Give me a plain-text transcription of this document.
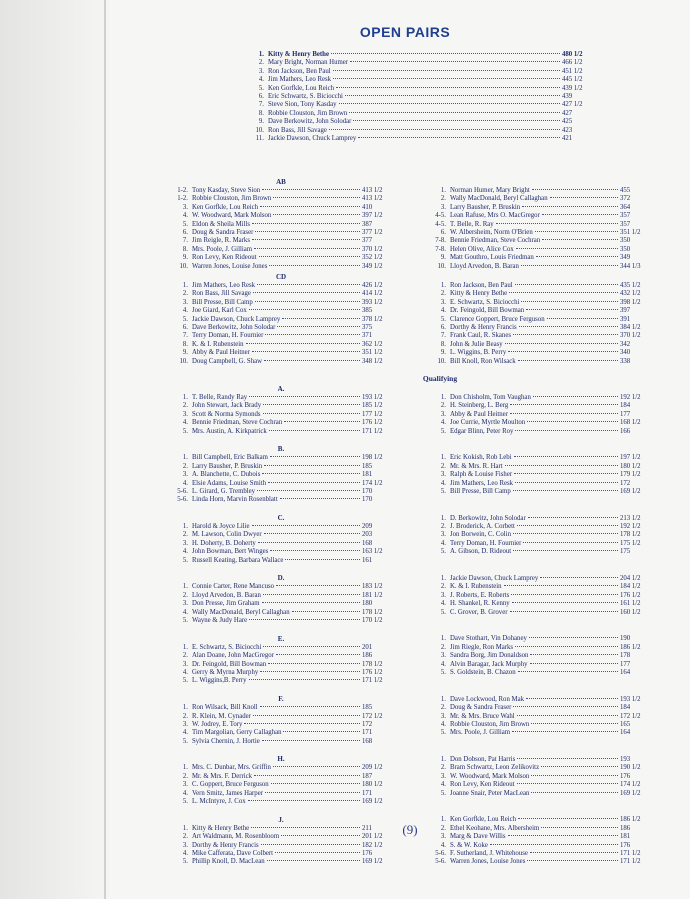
OPEN PAIRS
1. Kitty & Henry Bethe	480 1/2
2. Mary Bright, Norman Humer	466 1/2
3. Ron Jackson, Ben Paul	451 1/2
4. Jim Mathers, Leo Resk	445 1/2
5. Ken Gorfkle, Lou Reich	439 1/2
6. Eric Schwartz, S. Biciocchi	439
7. Steve Sion, Tony Kasday	427 1/2
8. Robbie Clouston, Jim Brown	427
9. Dave Berkowitz, John Solodar	425
10. Ron Bass, Jill Savage	423
11. Jackie Dawson, Chuck Lamprey	421
AB
1-2. Tony Kasday, Steve Sion	413 1/2
1-2. Robbie Clouston, Jim Brown	413 1/2
3. Ken Gorfkle, Lou Reich	410
4. W. Woodward, Mark Molson	397 1/2
5. Eldon & Sheila Mills	387
6. Doug & Sandra Fraser	377 1/2
7. Jim Reigle, R. Marks	377
8. Mrs. Poole, J. Gilliam	370 1/2
9. Ron Levy, Ken Rideout	352 1/2
10. Warren Jones, Louise Jones	349 1/2
1. Norman Humer, Mary Bright	455
2. Wally MacDonald, Beryl Callaghan	372
3. Larry Bausher, P. Bruskin	364
4-5. Lean Rafuse, Mrs O. MacGregor	357
4-5. T. Belle, R. Ray	357
6. W. Albersheim, Norm O'Brien	351 1/2
7-8. Bennie Friedman, Steve Cochran	350
7-8. Helen Olive, Alice Cox	350
9. Matt Gouthro, Louis Friedman	349
10. Lloyd Arvedon, B. Baran	344 1/3
CD
1. Jim Mathers, Leo Resk	426 1/2
2. Ron Bass, Jill Savage	414 1/2
3. Bill Presse, Bill Camp	393 1/2
4. Joe Giard, Karl Cox	385
5. Jackie Dawson, Chuck Lamprey	378 1/2
6. Dave Berkowitz, John Solodar	375
7. Terry Doman, H. Fournier	371
8. K. & I. Rubenstein	362 1/2
9. Abby & Paul Heitner	351 1/2
10. Doug Campbell, G. Shaw	348 1/2
1. Ron Jackson, Ben Paul	435 1/2
2. Kitty & Henry Bethe	432 1/2
3. E. Schwartz, S. Biciocchi	398 1/2
4. Dr. Feingold, Bill Bowman	397
5. Clarence Goppert, Bruce Ferguson	391
6. Dorthy & Henry Francis	384 1/2
7. Frank Caul, R. Skanes	370 1/2
8. John & Julie Beasy	342
9. L. Wiggins, B. Perry	340
10. Bill Knoll, Ron Wilsack	338
Qualifying
A.
1. T. Belle, Randy Ray	193 1/2
2. John Stewart, Jack Brady	185 1/2
3. Scott & Norma Symonds	177 1/2
4. Bennie Friedman, Steve Cochran	176 1/2
5. Mrs. Austin, A. Kirkpatrick	171 1/2
B.
1. Bill Campbell, Eric Balkam	198 1/2
2. Larry Bausher, P. Bruskin	185
3. A. Blanchette, C. Dubois	181
4. Elsie Adams, Louise Smith	174 1/2
5-6. L. Girard, G. Trembley	170
5-6. Linda Horn, Marvin Rosenblatt	170
C.
1. Harold & Joyce Lilie	209
2. M. Lawson, Colin Dwyer	203
3. H. Doherty, B. Doherty	168
4. John Bowman, Bert Winges	163 1/2
5. Russell Keating, Barbara Wallace	161
D.
1. Connie Carter, Rene Mancuso	183 1/2
2. Lloyd Arvedon, B. Baran	181 1/2
3. Don Presse, Jim Graham	180
4. Wally MacDonald, Beryl Callaghan	178 1/2
5. Wayne & Judy Hare	170 1/2
E.
1. E. Schwartz, S. Biciocchi	201
2. Alan Doane, John MacGregor	186
3. Dr. Feingold, Bill Bowman	178 1/2
4. Gerry & Myrna Murphy	176 1/2
5. L. Wiggins,B. Perry	171 1/2
F.
1. Ron Wilsack, Bill Knoll	185
2. R. Klein, M. Cynader	172 1/2
3. W. Jodrey, E. Tory	172
4. Tim Margolian, Gerry Callaghan	171
5. Sylvia Chernin, J. Hortie	168
H.
1. Mrs. C. Dunbar, Mrs. Griffin	209 1/2
2. Mr. & Mrs. F. Derrick	187
3. C. Goppert, Bruce Ferguson	180 1/2
4. Vern Smitz, James Harper	171
5. L. McIntyre, J. Cox	169 1/2
J.
1. Kitty & Henry Bethe	211
2. Art Waldmann, M. Rosenbloom	201 1/2
3. Dorthy & Henry Francis	182 1/2
4. Mike Cafferata, Dave Colbert	176
5. Phillip Knoll, D. MacLean	169 1/2
1. Don Chisholm, Tom Vaughan	192 1/2
2. H. Steinberg, L. Berg	184
3. Abby & Paul Heitner	177
4. Joe Currie, Myrtle Moulton	168 1/2
5. Edgar Blinn, Peter Roy	166
1. Eric Kokish, Rob Lebi	197 1/2
2. Mr. & Mrs. R. Hart	180 1/2
3. Ralph & Louise Fisher	179 1/2
4. Jim Mathers, Leo Resk	172
5. Bill Presse, Bill Camp	169 1/2
1. D. Berkowitz, John Solodar	213 1/2
2. J. Broderick, A. Corbett	192 1/2
3. Jon Borwein, C. Colin	178 1/2
4. Terry Doman, H. Fournier	175 1/2
5. A. Gibson, D. Rideout	175
1. Jackie Dawson, Chuck Lamprey	204 1/2
2. K. & I. Rubenstein	184 1/2
3. J. Roberts, E. Roberts	176 1/2
4. H. Shankel, R. Kenny	161 1/2
5. C. Grover, B. Grover	160 1/2
1. Dave Stothart, Vin Dohaney	190
2. Jim Riegle, Ron Marks	186 1/2
3. Sandra Borg, Jim Donaldson	178
4. Alvin Baragar, Jack Murphy	177
5. S. Goldstein, B. Chazon	164
1. Dave Lockwood, Ron Mak	193 1/2
2. Doug & Sandra Fraser	184
3. Mr. & Mrs. Bruce Wahl	172 1/2
4. Robbie Clouston, Jim Brown	165
5. Mrs. Poole, J. Gilliam	164
1. Don Dobson, Pat Harris	193
2. Bram Schwartz, Leon Zelikovitz	190 1/2
3. W. Woodward, Mark Molson	176
4. Ron Levy, Ken Rideout	174 1/2
5. Joanne Snair, Peter MacLean	169 1/2
1. Ken Gorfkle, Lou Reich	186 1/2
2. Ethel Keohane, Mrs. Albersheim	186
3. Marg & Dave Willis	181
4. S. & W. Koke	176
5-6. F. Sutherland, J. Whitehouse	171 1/2
5-6. Warren Jones, Louise Jones	171 1/2
(9)
